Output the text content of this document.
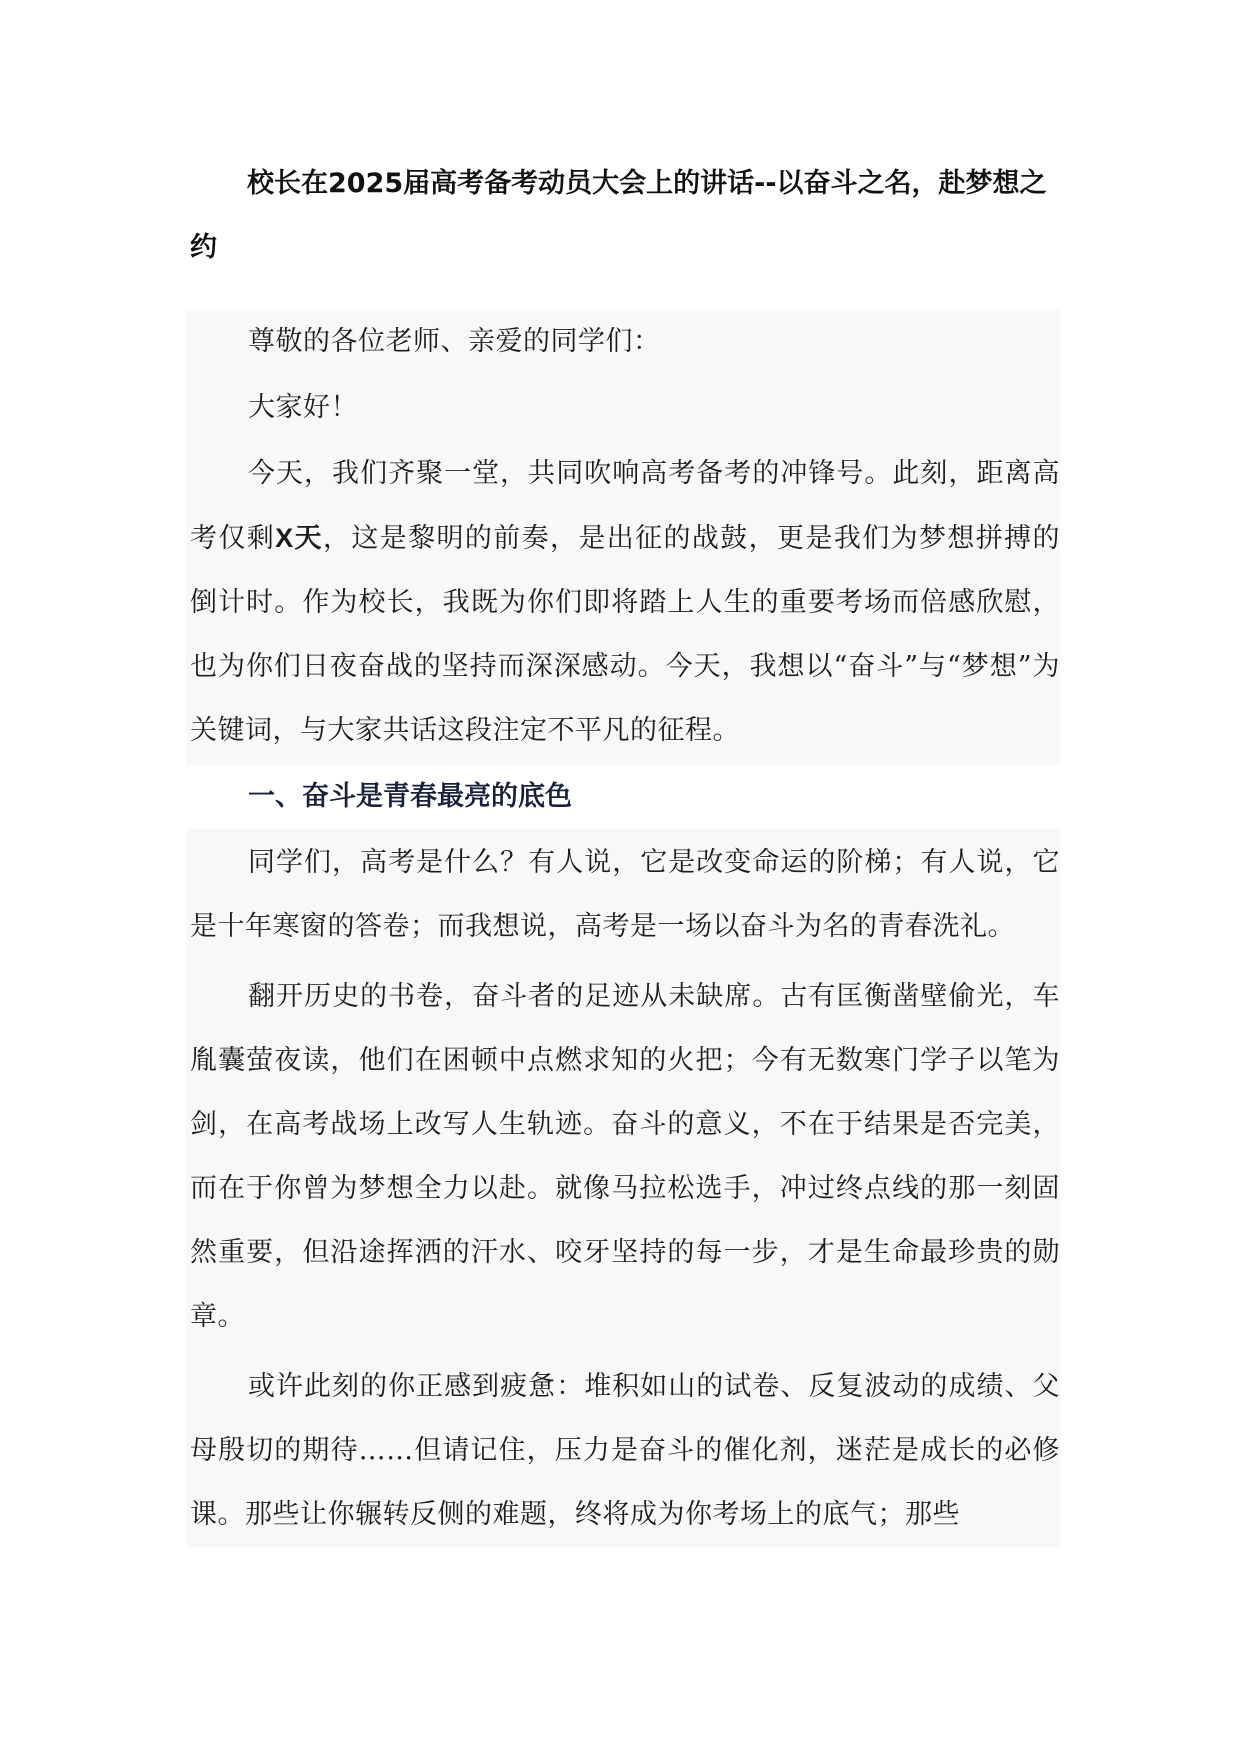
校长在2025届高考备考动员大会上的讲话--以奋斗之名，赴梦想之约

尊敬的各位老师、亲爱的同学们：

大家好！

今天，我们齐聚一堂，共同吹响高考备考的冲锋号。此刻，距离高考仅剩X天，这是黎明的前奏，是出征的战鼓，更是我们为梦想拼搏的倒计时。作为校长，我既为你们即将踏上人生的重要考场而倍感欣慰，也为你们日夜奋战的坚持而深深感动。今天，我想以“奋斗”与“梦想”为关键词，与大家共话这段注定不平凡的征程。

一、奋斗是青春最亮的底色

同学们，高考是什么？有人说，它是改变命运的阶梯；有人说，它是十年寒窗的答卷；而我想说，高考是一场以奋斗为名的青春洗礼。

翻开历史的书卷，奋斗者的足迹从未缺席。古有匡衡凿壁偷光，车胤囊萤夜读，他们在困顿中点燃求知的火把；今有无数寒门学子以笔为剑，在高考战场上改写人生轨迹。奋斗的意义，不在于结果是否完美，而在于你曾为梦想全力以赴。就像马拉松选手，冲过终点线的那一刻固然重要，但沿途挥洒的汗水、咬牙坚持的每一步，才是生命最珍贵的勋章。

或许此刻的你正感到疲惫：堆积如山的试卷、反复波动的成绩、父母殷切的期待……但请记住，压力是奋斗的催化剂，迷茫是成长的必修课。那些让你辗转反侧的难题，终将成为你考场上的底气；那些
